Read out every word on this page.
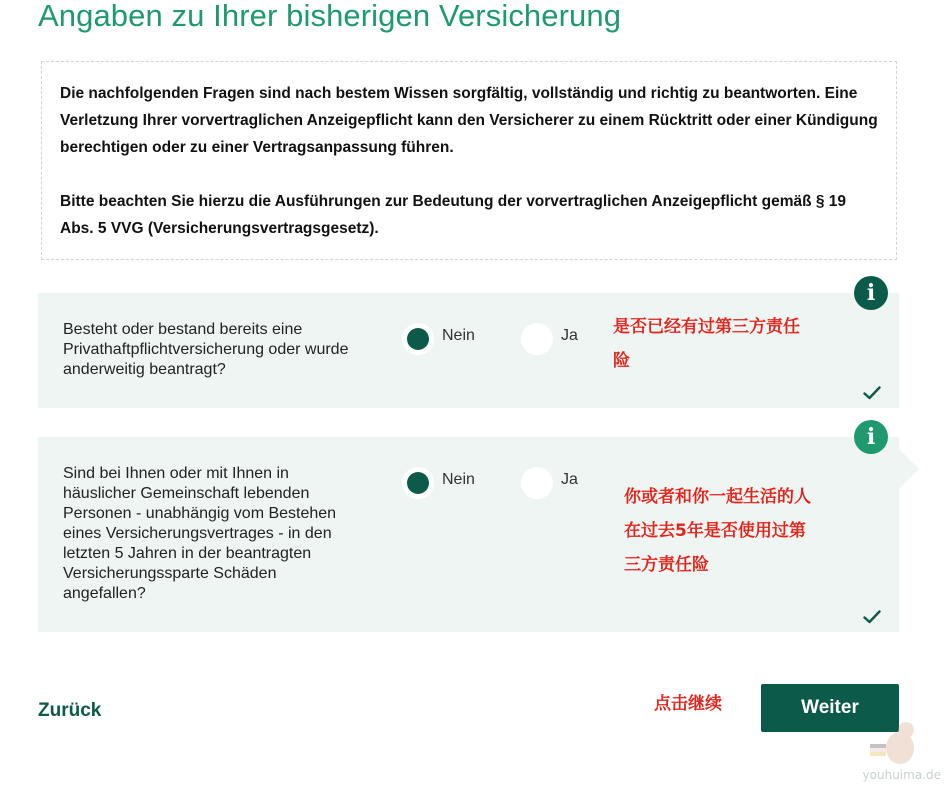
Angaben zu Ihrer bisherigen Versicherung

Die nachfolgenden Fragen sind nach bestem Wissen sorgfältig, vollständig und richtig zu beantworten. Eine Verletzung Ihrer vorvertraglichen Anzeigepflicht kann den Versicherer zu einem Rücktritt oder einer Kündigung berechtigen oder zu einer Vertragsanpassung führen.

Bitte beachten Sie hierzu die Ausführungen zur Bedeutung der vorvertraglichen Anzeigepflicht gemäß § 19 Abs. 5 VVG (Versicherungsvertragsgesetz).

Besteht oder bestand bereits eine Privathaftpflichtversicherung oder wurde anderweitig beantragt?
Nein	Ja
i
是否已经有过第三方责任险
Sind bei Ihnen oder mit Ihnen in häuslicher Gemeinschaft lebenden Personen - unabhängig vom Bestehen eines Versicherungsvertrages - in den letzten 5 Jahren in der beantragten Versicherungssparte Schäden angefallen?
Nein	Ja
i
你或者和你一起生活的人在过去5年是否使用过第三方责任险
Zurück	点击继续	Weiter
youhuima.de
